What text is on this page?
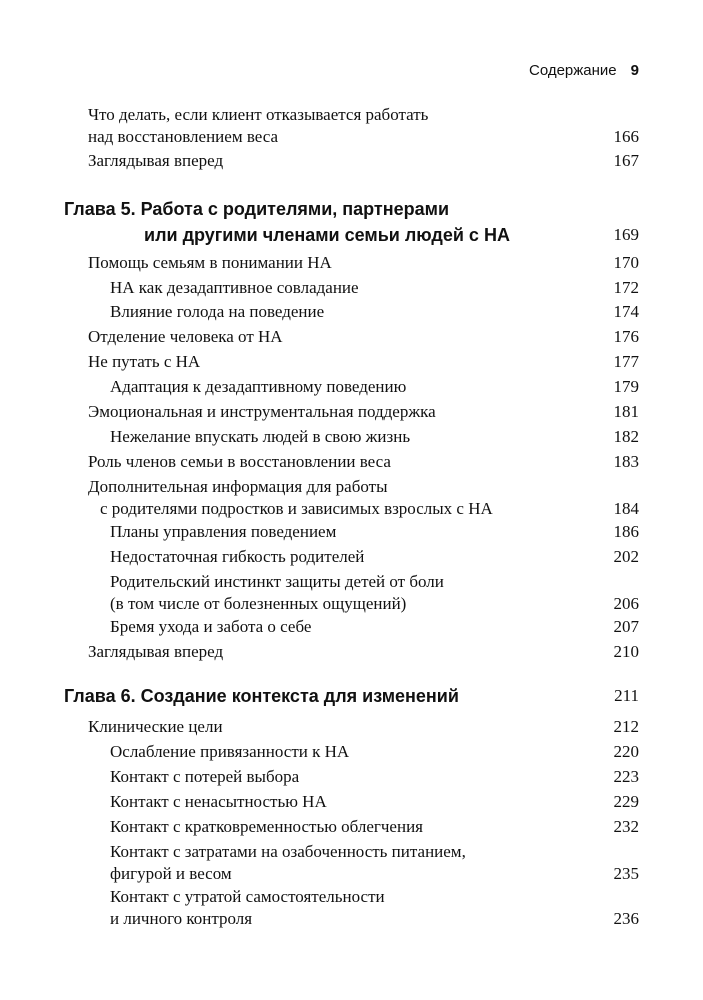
Содержание 9
Что делать, если клиент отказывается работать
над восстановлением веса	166
Заглядывая вперед	167
Глава 5. Работа с родителями, партнерами
или другими членами семьи людей с НА	169
Помощь семьям в понимании НА	170
НА как дезадаптивное совладание	172
Влияние голода на поведение	174
Отделение человека от НА	176
Не путать с НА	177
Адаптация к дезадаптивному поведению	179
Эмоциональная и инструментальная поддержка	181
Нежелание впускать людей в свою жизнь	182
Роль членов семьи в восстановлении веса	183
Дополнительная информация для работы
с родителями подростков и зависимых взрослых с НА	184
Планы управления поведением	186
Недостаточная гибкость родителей	202
Родительский инстинкт защиты детей от боли
(в том числе от болезненных ощущений)	206
Бремя ухода и забота о себе	207
Заглядывая вперед	210
Глава 6. Создание контекста для изменений	211
Клинические цели	212
Ослабление привязанности к НА	220
Контакт с потерей выбора	223
Контакт с ненасытностью НА	229
Контакт с кратковременностью облегчения	232
Контакт с затратами на озабоченность питанием,
фигурой и весом	235
Контакт с утратой самостоятельности
и личного контроля	236
